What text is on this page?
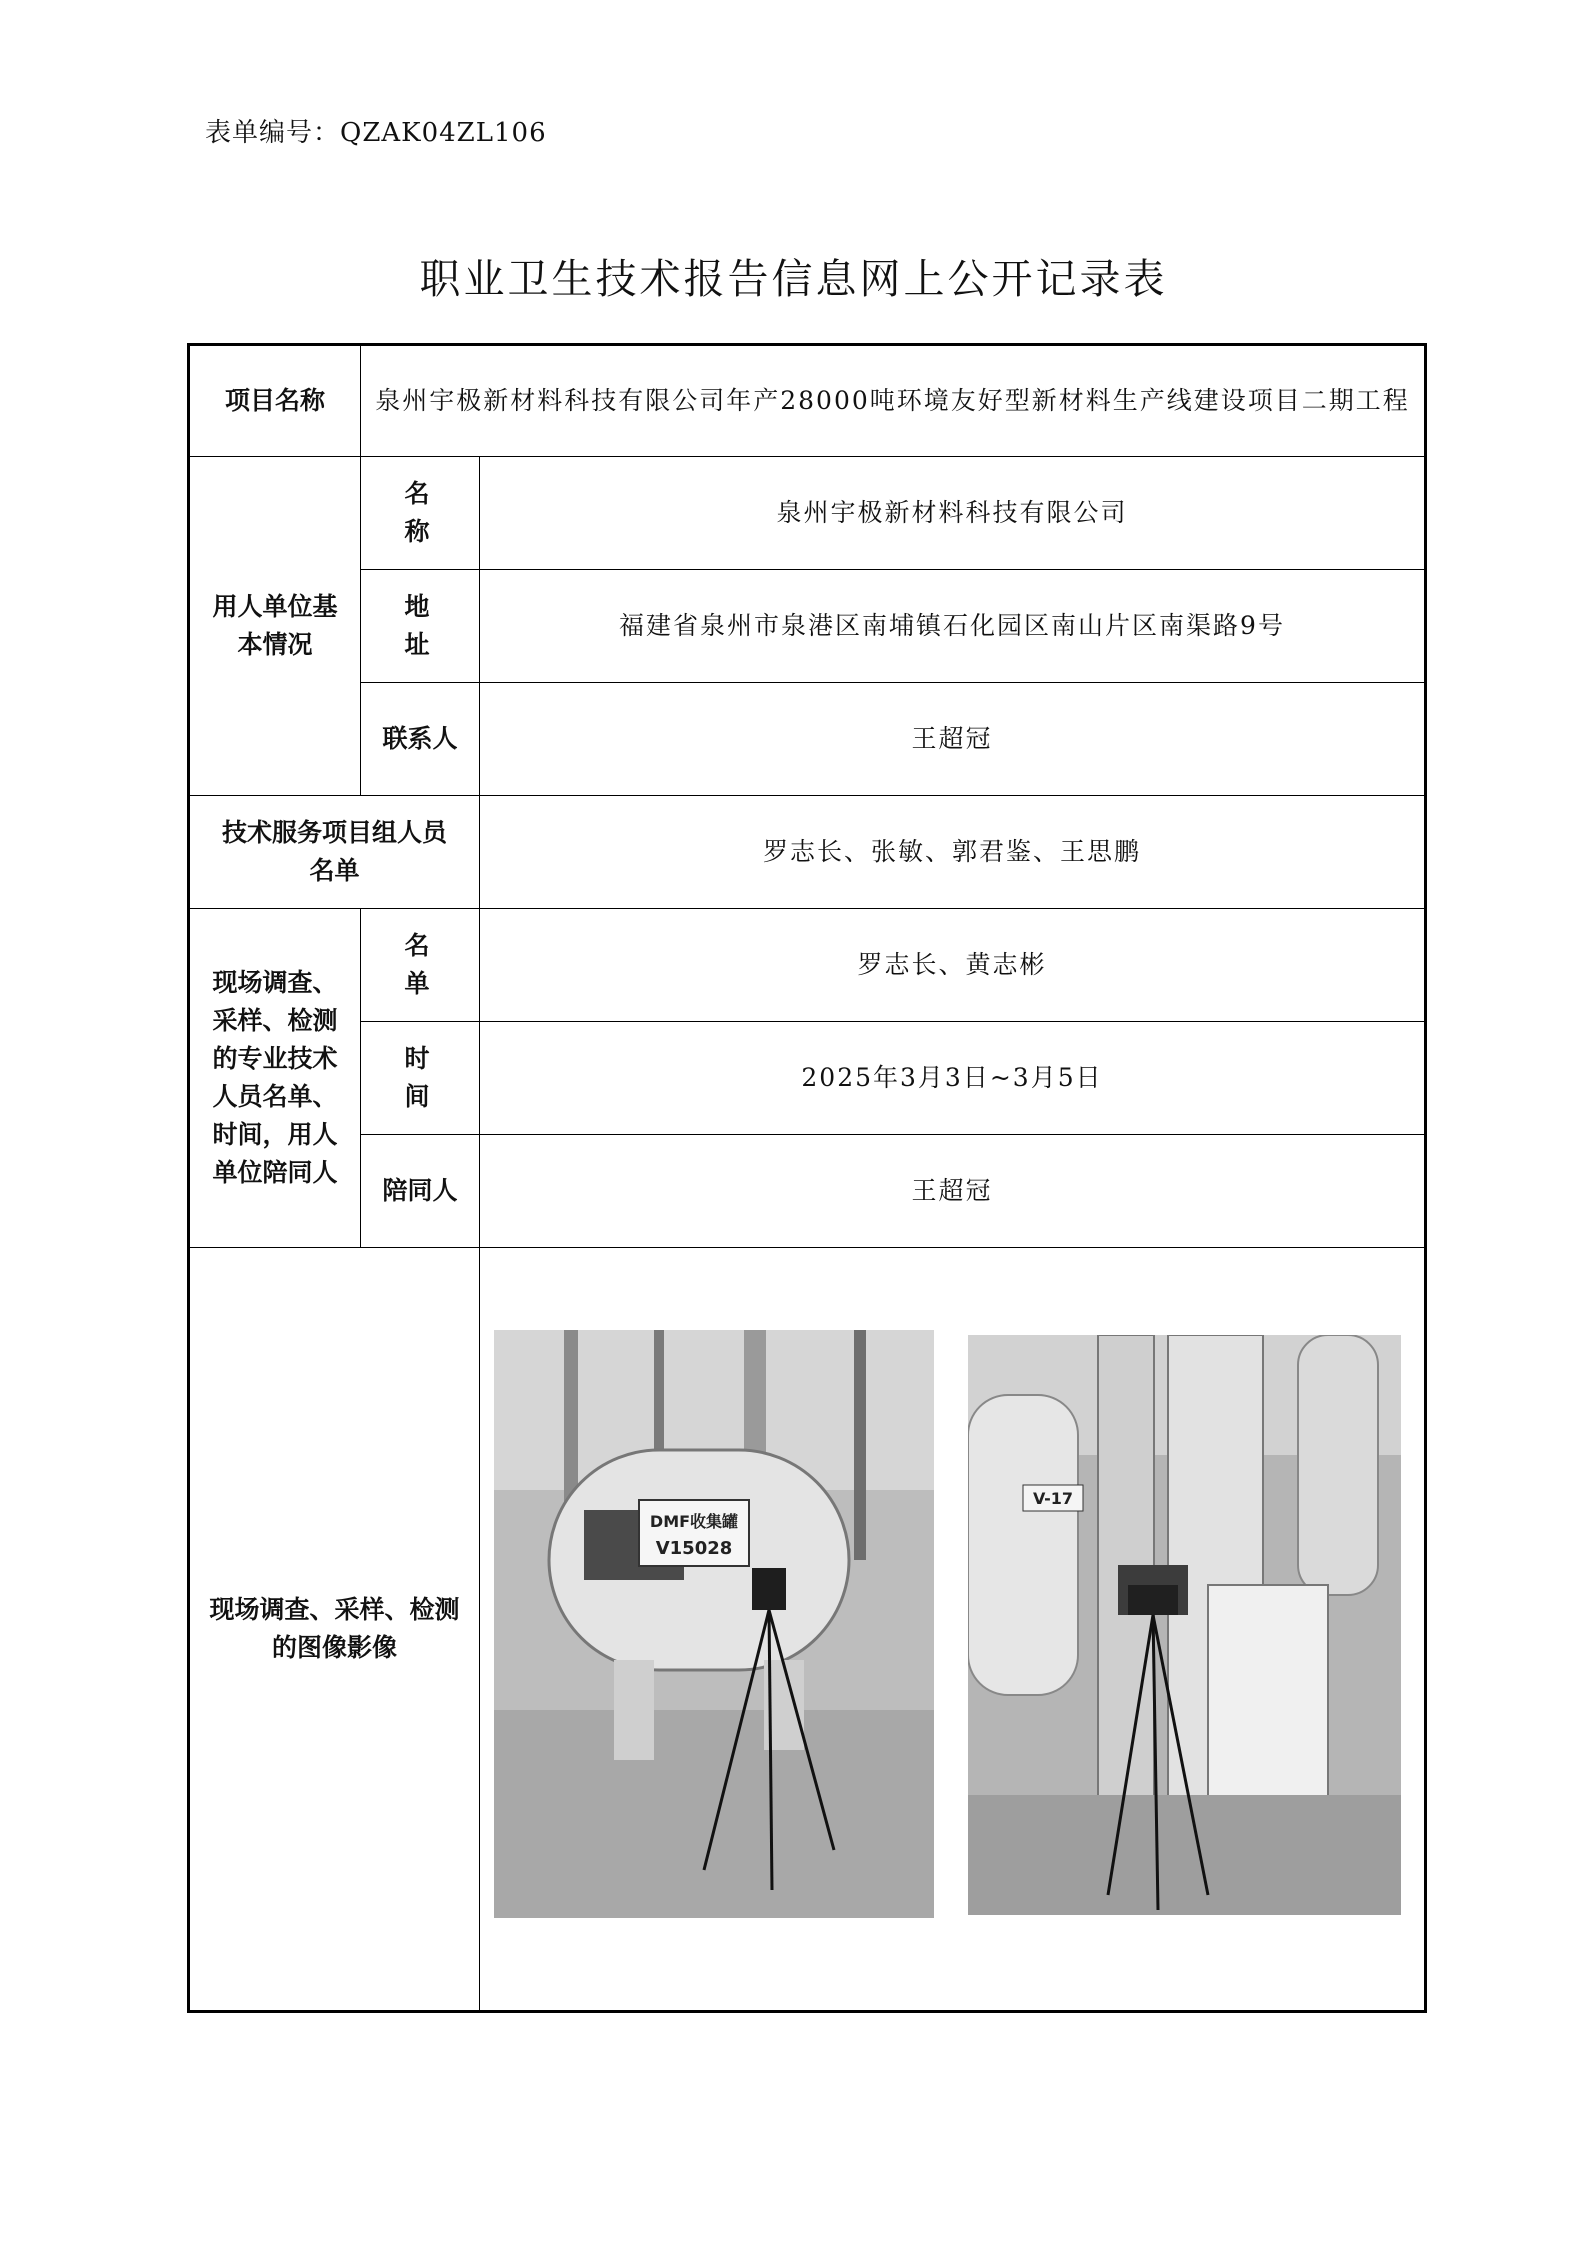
表单编号：QZAK04ZL106
职业卫生技术报告信息网上公开记录表
项目名称	泉州宇极新材料科技有限公司年产28000吨环境友好型新材料生产线建设项目二期工程	
用人单位基本情况	名称	泉州宇极新材料科技有限公司
	地址	福建省泉州市泉港区南埔镇石化园区南山片区南渠路9号
	联系人	王超冠
技术服务项目组人员名单		罗志长、张敏、郭君鉴、王思鹏
现场调查、采样、检测的专业技术人员名单、时间，用人单位陪同人	名单	罗志长、黄志彬
	时间	2025年3月3日~3月5日
	陪同人	王超冠
现场调查、采样、检测的图像影像		DMF收集罐
V15028
V-17
